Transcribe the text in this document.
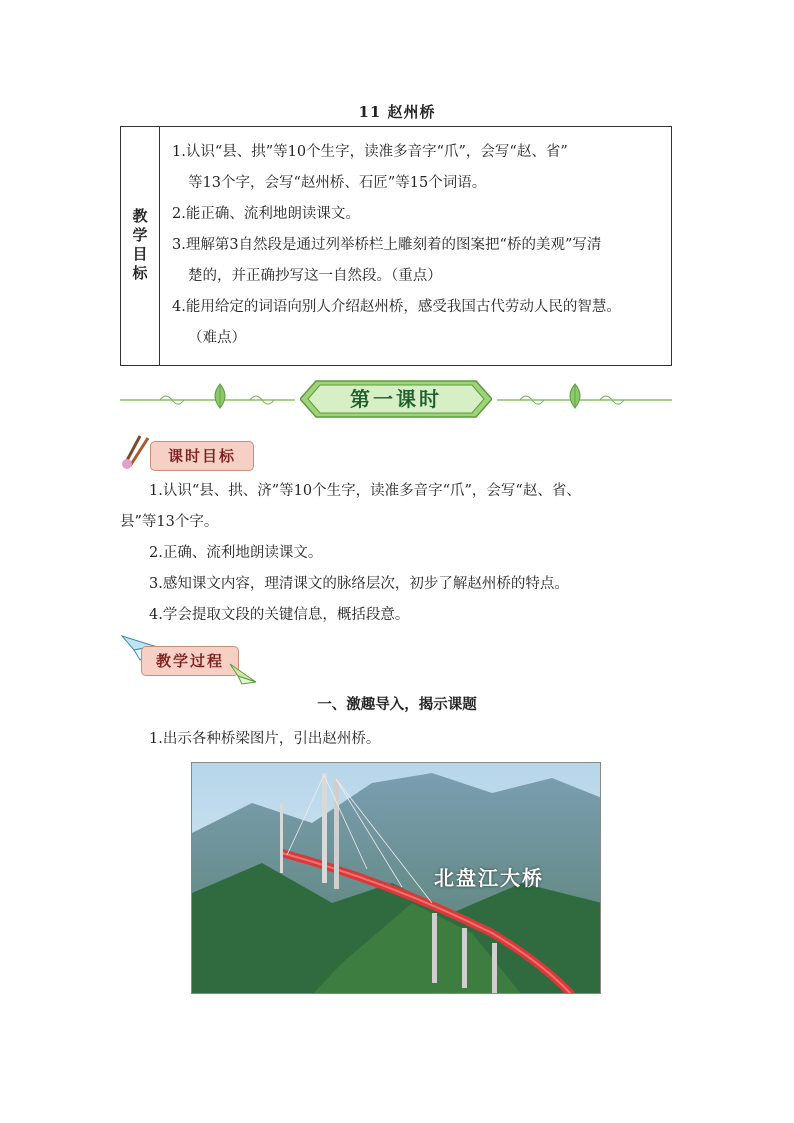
11 赵州桥
教学目标

1.认识“县、拱”等10个生字，读准多音字“爪”，会写“赵、省”

等13个字，会写“赵州桥、石匠”等15个词语。

2.能正确、流利地朗读课文。

3.理解第3自然段是通过列举桥栏上雕刻着的图案把“桥的美观”写清

楚的，并正确抄写这一自然段。（重点）

4.能用给定的词语向别人介绍赵州桥，感受我国古代劳动人民的智慧。

（难点）

第一课时
课时目标

1.认识“县、拱、济”等10个生字，读准多音字“爪”，会写“赵、省、

县”等13个字。

2.正确、流利地朗读课文。

3.感知课文内容，理清课文的脉络层次，初步了解赵州桥的特点。

4.学会提取文段的关键信息，概括段意。

教学过程
一、激趣导入，揭示课题
1.出示各种桥梁图片，引出赵州桥。
北盘江大桥
